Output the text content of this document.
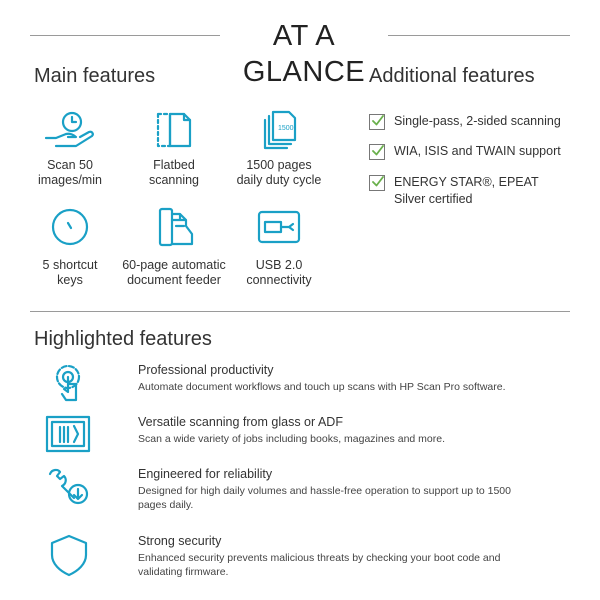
AT A GLANCE
Main features
Scan 50
images/min
Flatbed
scanning
1500
1500 pages
daily duty cycle
5 shortcut
keys
60-page automatic
document feeder
USB 2.0
connectivity
Additional features
Single-pass, 2-sided scanning
WIA, ISIS and TWAIN support
ENERGY STAR®, EPEAT Silver certified
Highlighted features
Professional productivity
Automate document workflows and touch up scans with HP Scan Pro software.
Versatile scanning from glass or ADF
Scan a wide variety of jobs including books, magazines and more.
Engineered for reliability
Designed for high daily volumes and hassle-free operation to support up to 1500 pages daily.
Strong security
Enhanced security prevents malicious threats by checking your boot code and validating firmware.
